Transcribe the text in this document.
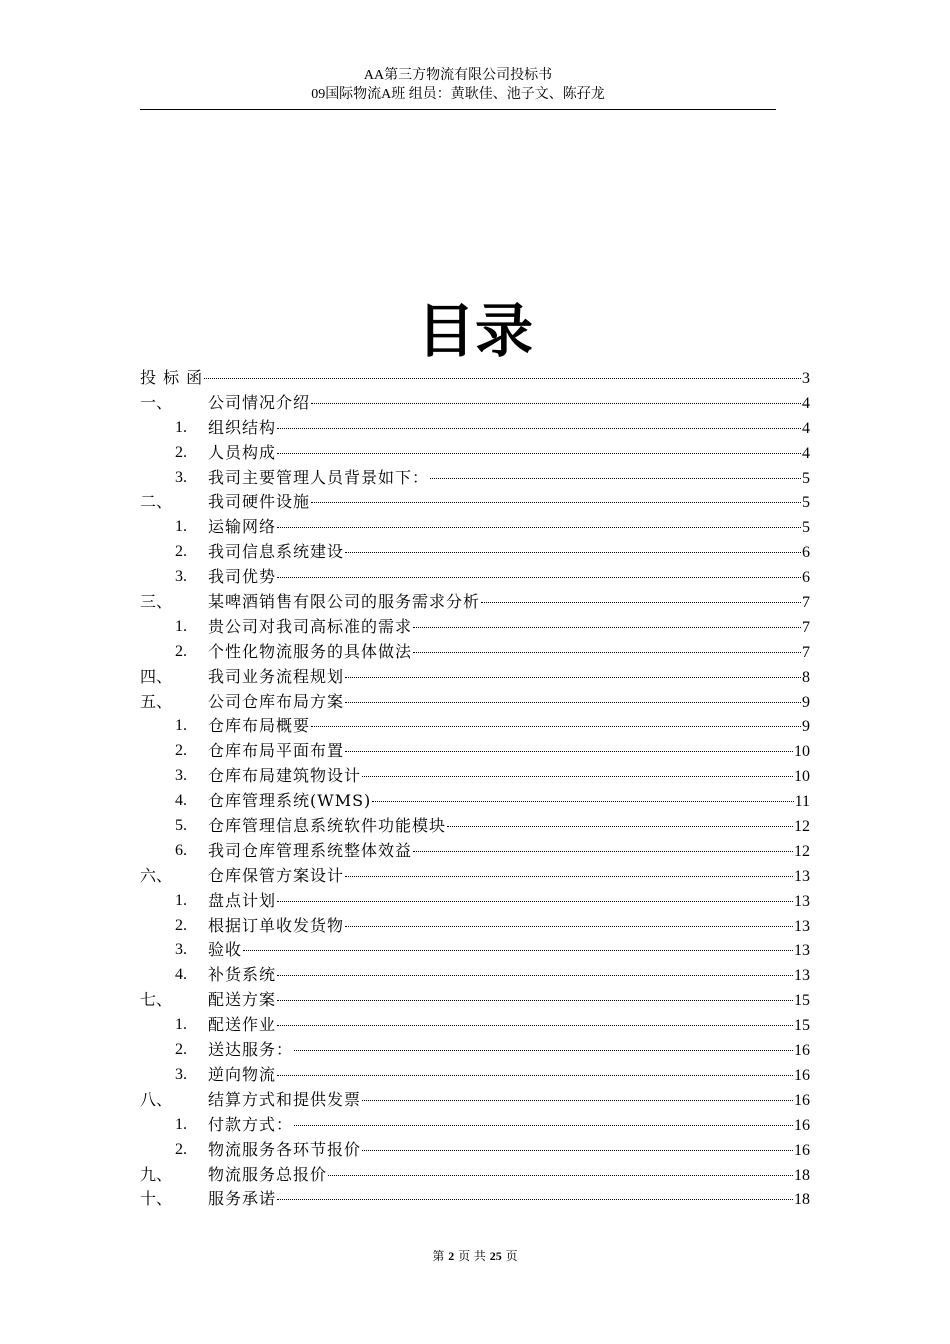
AA第三方物流有限公司投标书
09国际物流A班 组员：黄耿佳、池子文、陈孖龙
目录
投 标 函	3
一、 公司情况介绍	4
1. 组织结构	4
2. 人员构成	4
3. 我司主要管理人员背景如下：	5
二、 我司硬件设施	5
1. 运输网络	5
2. 我司信息系统建设	6
3. 我司优势	6
三、 某啤酒销售有限公司的服务需求分析	7
1. 贵公司对我司高标准的需求	7
2. 个性化物流服务的具体做法	7
四、 我司业务流程规划	8
五、 公司仓库布局方案	9
1. 仓库布局概要	9
2. 仓库布局平面布置	10
3. 仓库布局建筑物设计	10
4. 仓库管理系统(WMS)	11
5. 仓库管理信息系统软件功能模块	12
6. 我司仓库管理系统整体效益	12
六、 仓库保管方案设计	13
1. 盘点计划	13
2. 根据订单收发货物	13
3. 验收	13
4. 补货系统	13
七、 配送方案	15
1. 配送作业	15
2. 送达服务：	16
3. 逆向物流	16
八、 结算方式和提供发票	16
1. 付款方式：	16
2. 物流服务各环节报价	16
九、 物流服务总报价	18
十、 服务承诺	18
第 2 页 共 25 页
